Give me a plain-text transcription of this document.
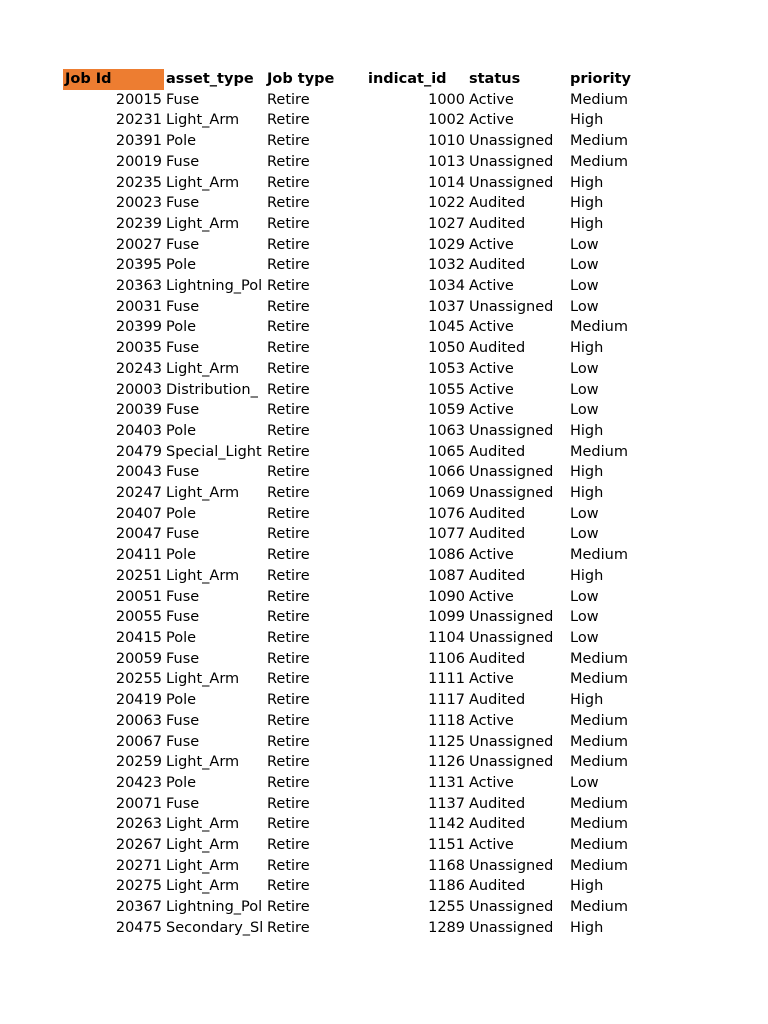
Job Id	asset_type	Job type	indicat_id	status	priority
20015	Fuse	Retire	1000	Active	Medium
20231	Light_Arm	Retire	1002	Active	High
20391	Pole	Retire	1010	Unassigned	Medium
20019	Fuse	Retire	1013	Unassigned	Medium
20235	Light_Arm	Retire	1014	Unassigned	High
20023	Fuse	Retire	1022	Audited	High
20239	Light_Arm	Retire	1027	Audited	High
20027	Fuse	Retire	1029	Active	Low
20395	Pole	Retire	1032	Audited	Low
20363	Lightning_Pol	Retire	1034	Active	Low
20031	Fuse	Retire	1037	Unassigned	Low
20399	Pole	Retire	1045	Active	Medium
20035	Fuse	Retire	1050	Audited	High
20243	Light_Arm	Retire	1053	Active	Low
20003	Distribution_	Retire	1055	Active	Low
20039	Fuse	Retire	1059	Active	Low
20403	Pole	Retire	1063	Unassigned	High
20479	Special_Light	Retire	1065	Audited	Medium
20043	Fuse	Retire	1066	Unassigned	High
20247	Light_Arm	Retire	1069	Unassigned	High
20407	Pole	Retire	1076	Audited	Low
20047	Fuse	Retire	1077	Audited	Low
20411	Pole	Retire	1086	Active	Medium
20251	Light_Arm	Retire	1087	Audited	High
20051	Fuse	Retire	1090	Active	Low
20055	Fuse	Retire	1099	Unassigned	Low
20415	Pole	Retire	1104	Unassigned	Low
20059	Fuse	Retire	1106	Audited	Medium
20255	Light_Arm	Retire	1111	Active	Medium
20419	Pole	Retire	1117	Audited	High
20063	Fuse	Retire	1118	Active	Medium
20067	Fuse	Retire	1125	Unassigned	Medium
20259	Light_Arm	Retire	1126	Unassigned	Medium
20423	Pole	Retire	1131	Active	Low
20071	Fuse	Retire	1137	Audited	Medium
20263	Light_Arm	Retire	1142	Audited	Medium
20267	Light_Arm	Retire	1151	Active	Medium
20271	Light_Arm	Retire	1168	Unassigned	Medium
20275	Light_Arm	Retire	1186	Audited	High
20367	Lightning_Pol	Retire	1255	Unassigned	Medium
20475	Secondary_Sl	Retire	1289	Unassigned	High
